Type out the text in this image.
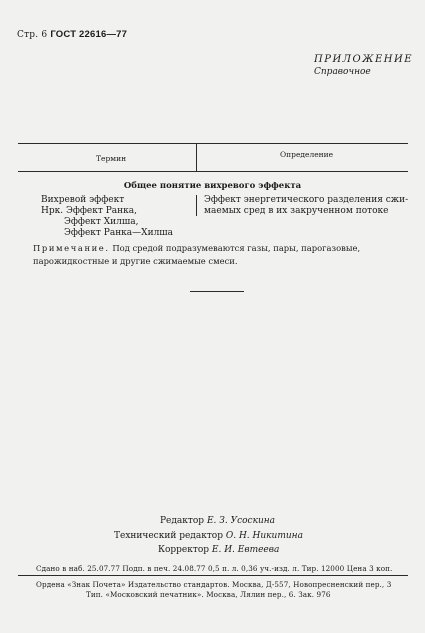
Стр. 6 ГОСТ 22616—77
ПРИЛОЖЕНИЕ
Справочное
Термин	Определение
Общее понятие вихревого эффекта
Вихревой эффект
Нрк. Эффект Ранка,
Эффект Хилша,
Эффект Ранка—Хилша
Эффект энергетического разделения сжи-
маемых сред в их закрученном потоке
Примечание. Под средой подразумеваются газы, пары, парогазовые,
парожидкостные и другие сжимаемые смеси.
Редактор Е. З. Усоскина
Технический редактор О. Н. Никитина
Корректор Е. И. Евтеева
Сдано в наб. 25.07.77 Подп. в печ. 24.08.77 0,5 п. л. 0,36 уч.-изд. л. Тир. 12000 Цена 3 коп.
Ордена «Знак Почета» Издательство стандартов. Москва, Д-557, Новопресненский пер., 3
Тип. «Московский печатник». Москва, Лялин пер., 6. Зак. 976
